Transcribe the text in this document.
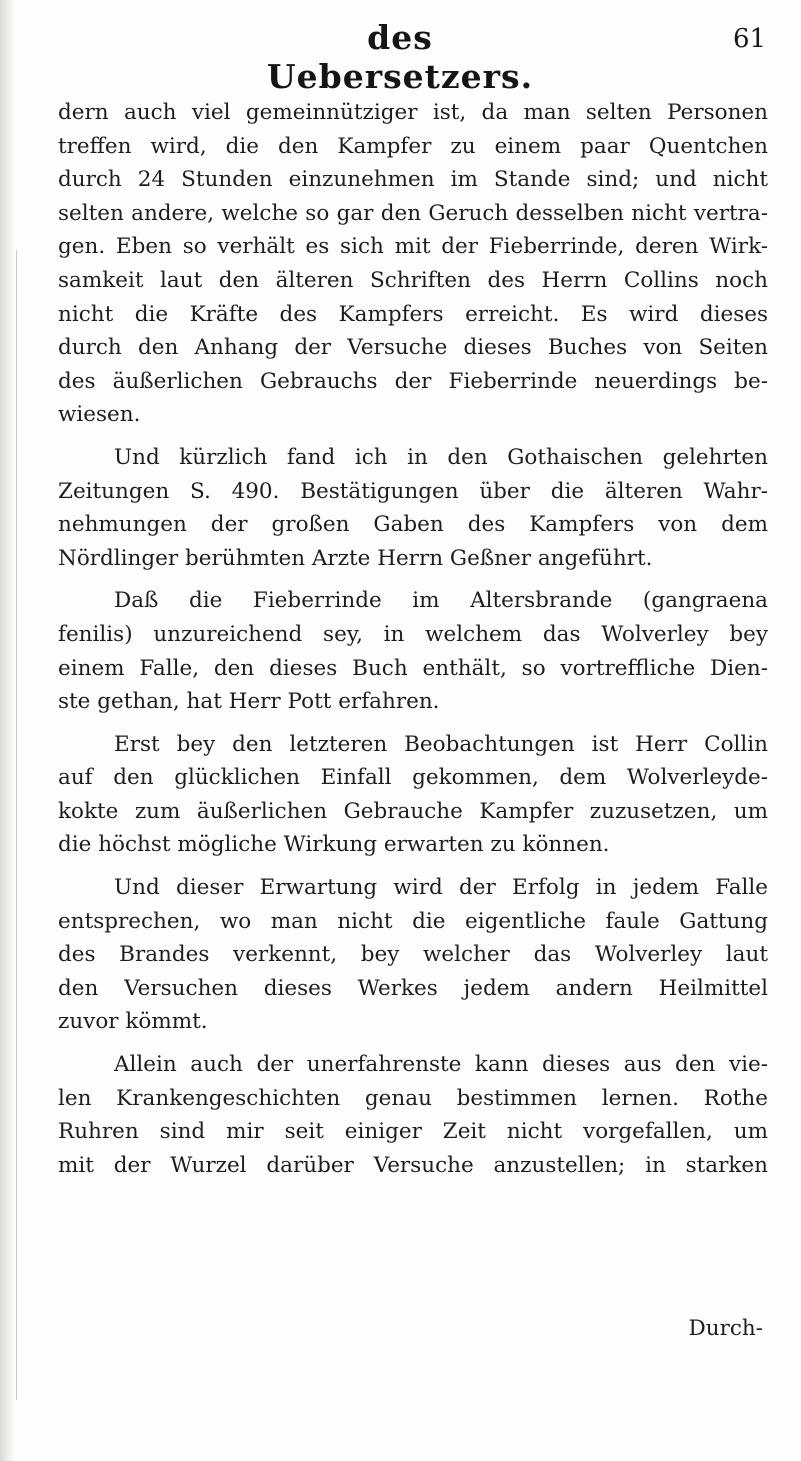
des Uebersetzers.
61
dern auch viel gemeinnütziger ist, da man selten Personen
treffen wird, die den Kampfer zu einem paar Quentchen
durch 24 Stunden einzunehmen im Stande sind; und nicht
selten andere, welche so gar den Geruch desselben nicht vertra-
gen. Eben so verhält es sich mit der Fieberrinde, deren Wirk-
samkeit laut den älteren Schriften des Herrn Collins noch
nicht die Kräfte des Kampfers erreicht. Es wird dieses
durch den Anhang der Versuche dieses Buches von Seiten
des äußerlichen Gebrauchs der Fieberrinde neuerdings be-
wiesen.
Und kürzlich fand ich in den Gothaischen gelehrten
Zeitungen S. 490. Bestätigungen über die älteren Wahr-
nehmungen der großen Gaben des Kampfers von dem
Nördlinger berühmten Arzte Herrn Geßner angeführt.
Daß die Fieberrinde im Altersbrande (gangraena
fenilis) unzureichend sey, in welchem das Wolverley bey
einem Falle, den dieses Buch enthält, so vortreffliche Dien-
ste gethan, hat Herr Pott erfahren.
Erst bey den letzteren Beobachtungen ist Herr Collin
auf den glücklichen Einfall gekommen, dem Wolverleyde-
kokte zum äußerlichen Gebrauche Kampfer zuzusetzen, um
die höchst mögliche Wirkung erwarten zu können.
Und dieser Erwartung wird der Erfolg in jedem Falle
entsprechen, wo man nicht die eigentliche faule Gattung
des Brandes verkennt, bey welcher das Wolverley laut
den Versuchen dieses Werkes jedem andern Heilmittel
zuvor kömmt.
Allein auch der unerfahrenste kann dieses aus den vie-
len Krankengeschichten genau bestimmen lernen. Rothe
Ruhren sind mir seit einiger Zeit nicht vorgefallen, um
mit der Wurzel darüber Versuche anzustellen; in starken
Durch-
